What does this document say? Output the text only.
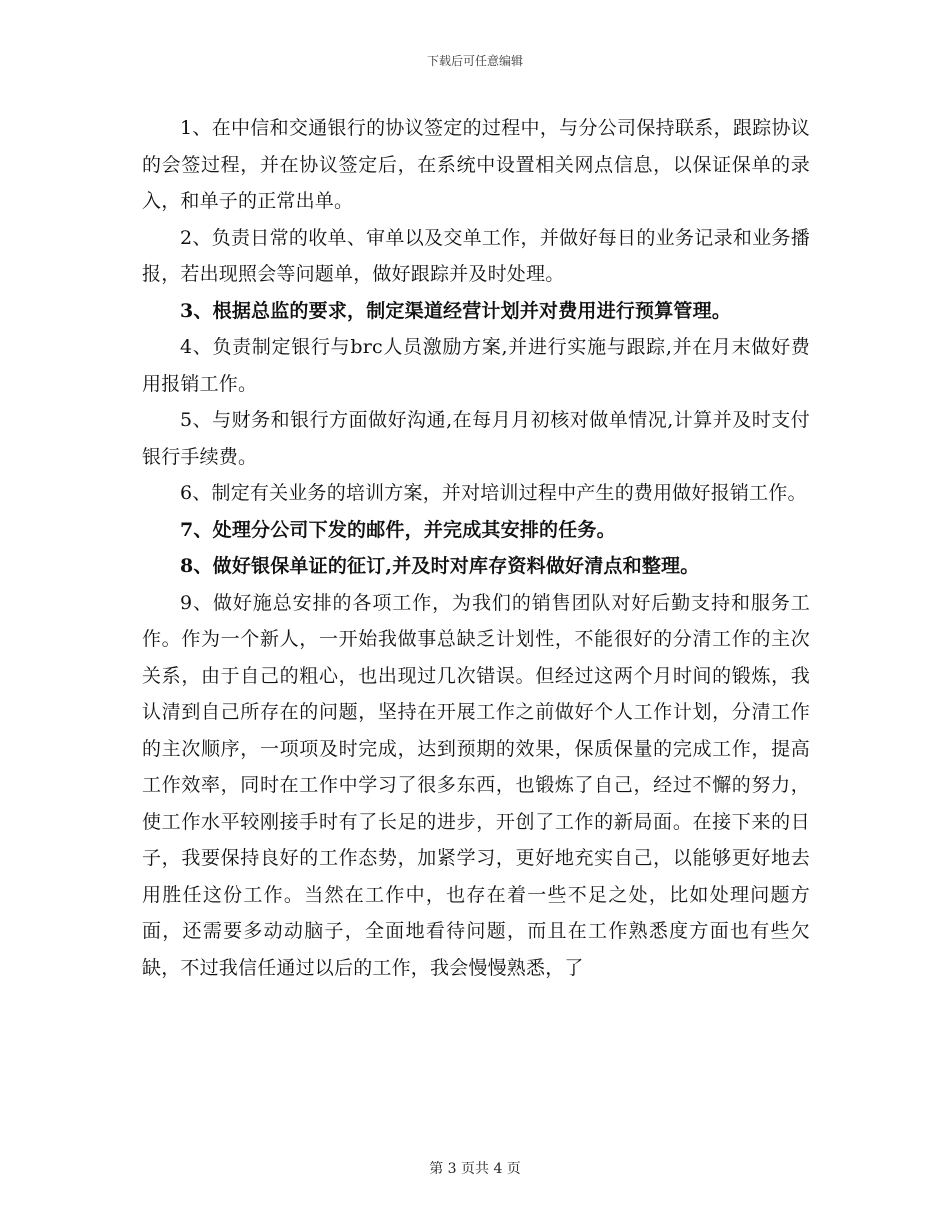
下载后可任意编辑

1、在中信和交通银行的协议签定的过程中，与分公司保持联系，跟踪协议的会签过程，并在协议签定后，在系统中设置相关网点信息，以保证保单的录入，和单子的正常出单。

2、负责日常的收单、审单以及交单工作，并做好每日的业务记录和业务播报，若出现照会等问题单，做好跟踪并及时处理。

3、根据总监的要求，制定渠道经营计划并对费用进行预算管理。

4、负责制定银行与brc人员激励方案,并进行实施与跟踪,并在月末做好费用报销工作。

5、与财务和银行方面做好沟通,在每月月初核对做单情况,计算并及时支付银行手续费。

6、制定有关业务的培训方案，并对培训过程中产生的费用做好报销工作。

7、处理分公司下发的邮件，并完成其安排的任务。

8、做好银保单证的征订,并及时对库存资料做好清点和整理。

9、做好施总安排的各项工作，为我们的销售团队对好后勤支持和服务工作。作为一个新人，一开始我做事总缺乏计划性，不能很好的分清工作的主次关系，由于自己的粗心，也出现过几次错误。但经过这两个月时间的锻炼，我认清到自己所存在的问题，坚持在开展工作之前做好个人工作计划，分清工作的主次顺序，一项项及时完成，达到预期的效果，保质保量的完成工作，提高工作效率，同时在工作中学习了很多东西，也锻炼了自己，经过不懈的努力，使工作水平较刚接手时有了长足的进步，开创了工作的新局面。在接下来的日子，我要保持良好的工作态势，加紧学习，更好地充实自己，以能够更好地去用胜任这份工作。当然在工作中，也存在着一些不足之处，比如处理问题方面，还需要多动动脑子，全面地看待问题，而且在工作熟悉度方面也有些欠缺，不过我信任通过以后的工作，我会慢慢熟悉，了

第 3 页共 4 页
